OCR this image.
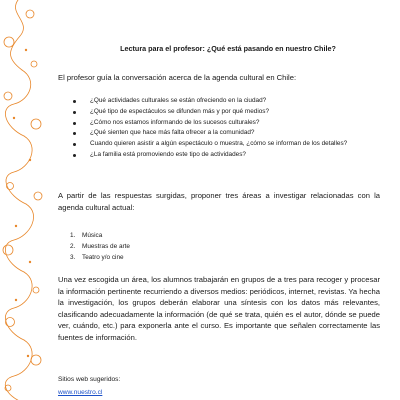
Lectura para el profesor: ¿Qué está pasando en nuestro Chile?
El profesor guía la conversación acerca de la agenda cultural en Chile:
¿Qué actividades culturales se están ofreciendo en la ciudad?
¿Qué tipo de espectáculos se difunden más y por qué medios?
¿Cómo nos estamos informando de los sucesos culturales?
¿Qué sienten que hace más falta ofrecer a la comunidad?
Cuando quieren asistir a algún espectáculo o muestra, ¿cómo se informan de los detalles?
¿La familia está promoviendo este tipo de actividades?
A partir de las respuestas surgidas, proponer tres áreas a investigar relacionadas con la agenda cultural actual:
1. Música
2. Muestras de arte
3. Teatro y/o cine
Una vez escogida un área, los alumnos trabajarán en grupos de a tres para recoger y procesar la información pertinente recurriendo a diversos medios: periódicos, internet, revistas. Ya hecha la investigación, los grupos deberán elaborar una síntesis con los datos más relevantes, clasificando adecuadamente la información (de qué se trata, quién es el autor, dónde se puede ver, cuándo, etc.) para exponerla ante el curso. Es importante que señalen correctamente las fuentes de información.
Sitios web sugeridos:
www.nuestro.cl
